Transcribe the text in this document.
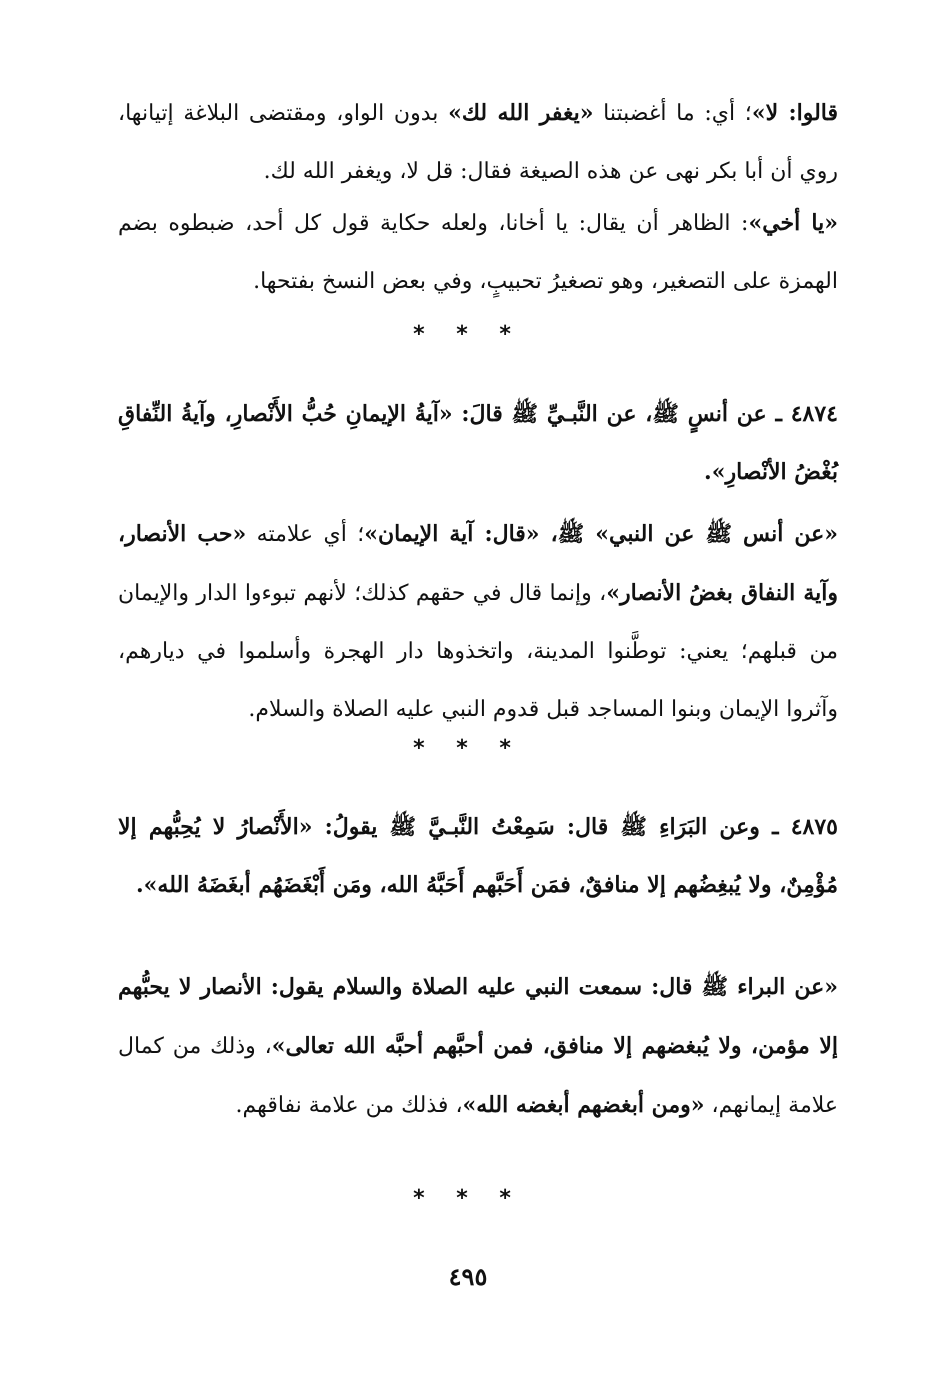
قالوا: لا»؛ أي: ما أغضبتنا «يغفر الله لك» بدون الواو، ومقتضى البلاغة إتيانها، روي أن أبا بكر نهى عن هذه الصيغة فقال: قل لا، ويغفر الله لك.

«يا أخي»: الظاهر أن يقال: يا أخانا، ولعله حكاية قول كل أحد، ضبطوه بضم الهمزة على التصغير، وهو تصغيرُ تحبيبٍ، وفي بعض النسخ بفتحها.

* * *

٤٨٧٤ ـ عن أنسٍ ﷺ، عن النَّبـيِّ ﷺ قالَ: «آيةُ الإيمانِ حُبُّ الأَنْصارِ، وآيةُ النِّفاقِ بُغْضُ الأنْصارِ».

«عن أنس ﷺ عن النبي» ﷺ، «قال: آية الإيمان»؛ أي علامته «حب الأنصار، وآية النفاق بغضُ الأنصار»، وإنما قال في حقهم كذلك؛ لأنهم تبوءوا الدار والإيمان من قبلهم؛ يعني: توطَّنوا المدينة، واتخذوها دار الهجرة وأسلموا في ديارهم، وآثروا الإيمان وبنوا المساجد قبل قدوم النبي عليه الصلاة والسلام.

* * *

٤٨٧٥ ـ وعن البَرَاءِ ﷺ قال: سَمِعْتُ النَّبـيَّ ﷺ يقولُ: «الأَنْصارُ لا يُحِبُّهم إلا مُؤْمِنٌ، ولا يُبغِضُهم إلا منافقٌ، فمَن أَحَبَّهم أَحَبَّهُ الله، ومَن أَبْغَضَهُم أبغَضَهُ الله».

«عن البراء ﷺ قال: سمعت النبي عليه الصلاة والسلام يقول: الأنصار لا يحبُّهم إلا مؤمن، ولا يُبغضهم إلا منافق، فمن أحبَّهم أحبَّه الله تعالى»، وذلك من كمال علامة إيمانهم، «ومن أبغضهم أبغضه الله»، فذلك من علامة نفاقهم.

* * *
٤٩٥
